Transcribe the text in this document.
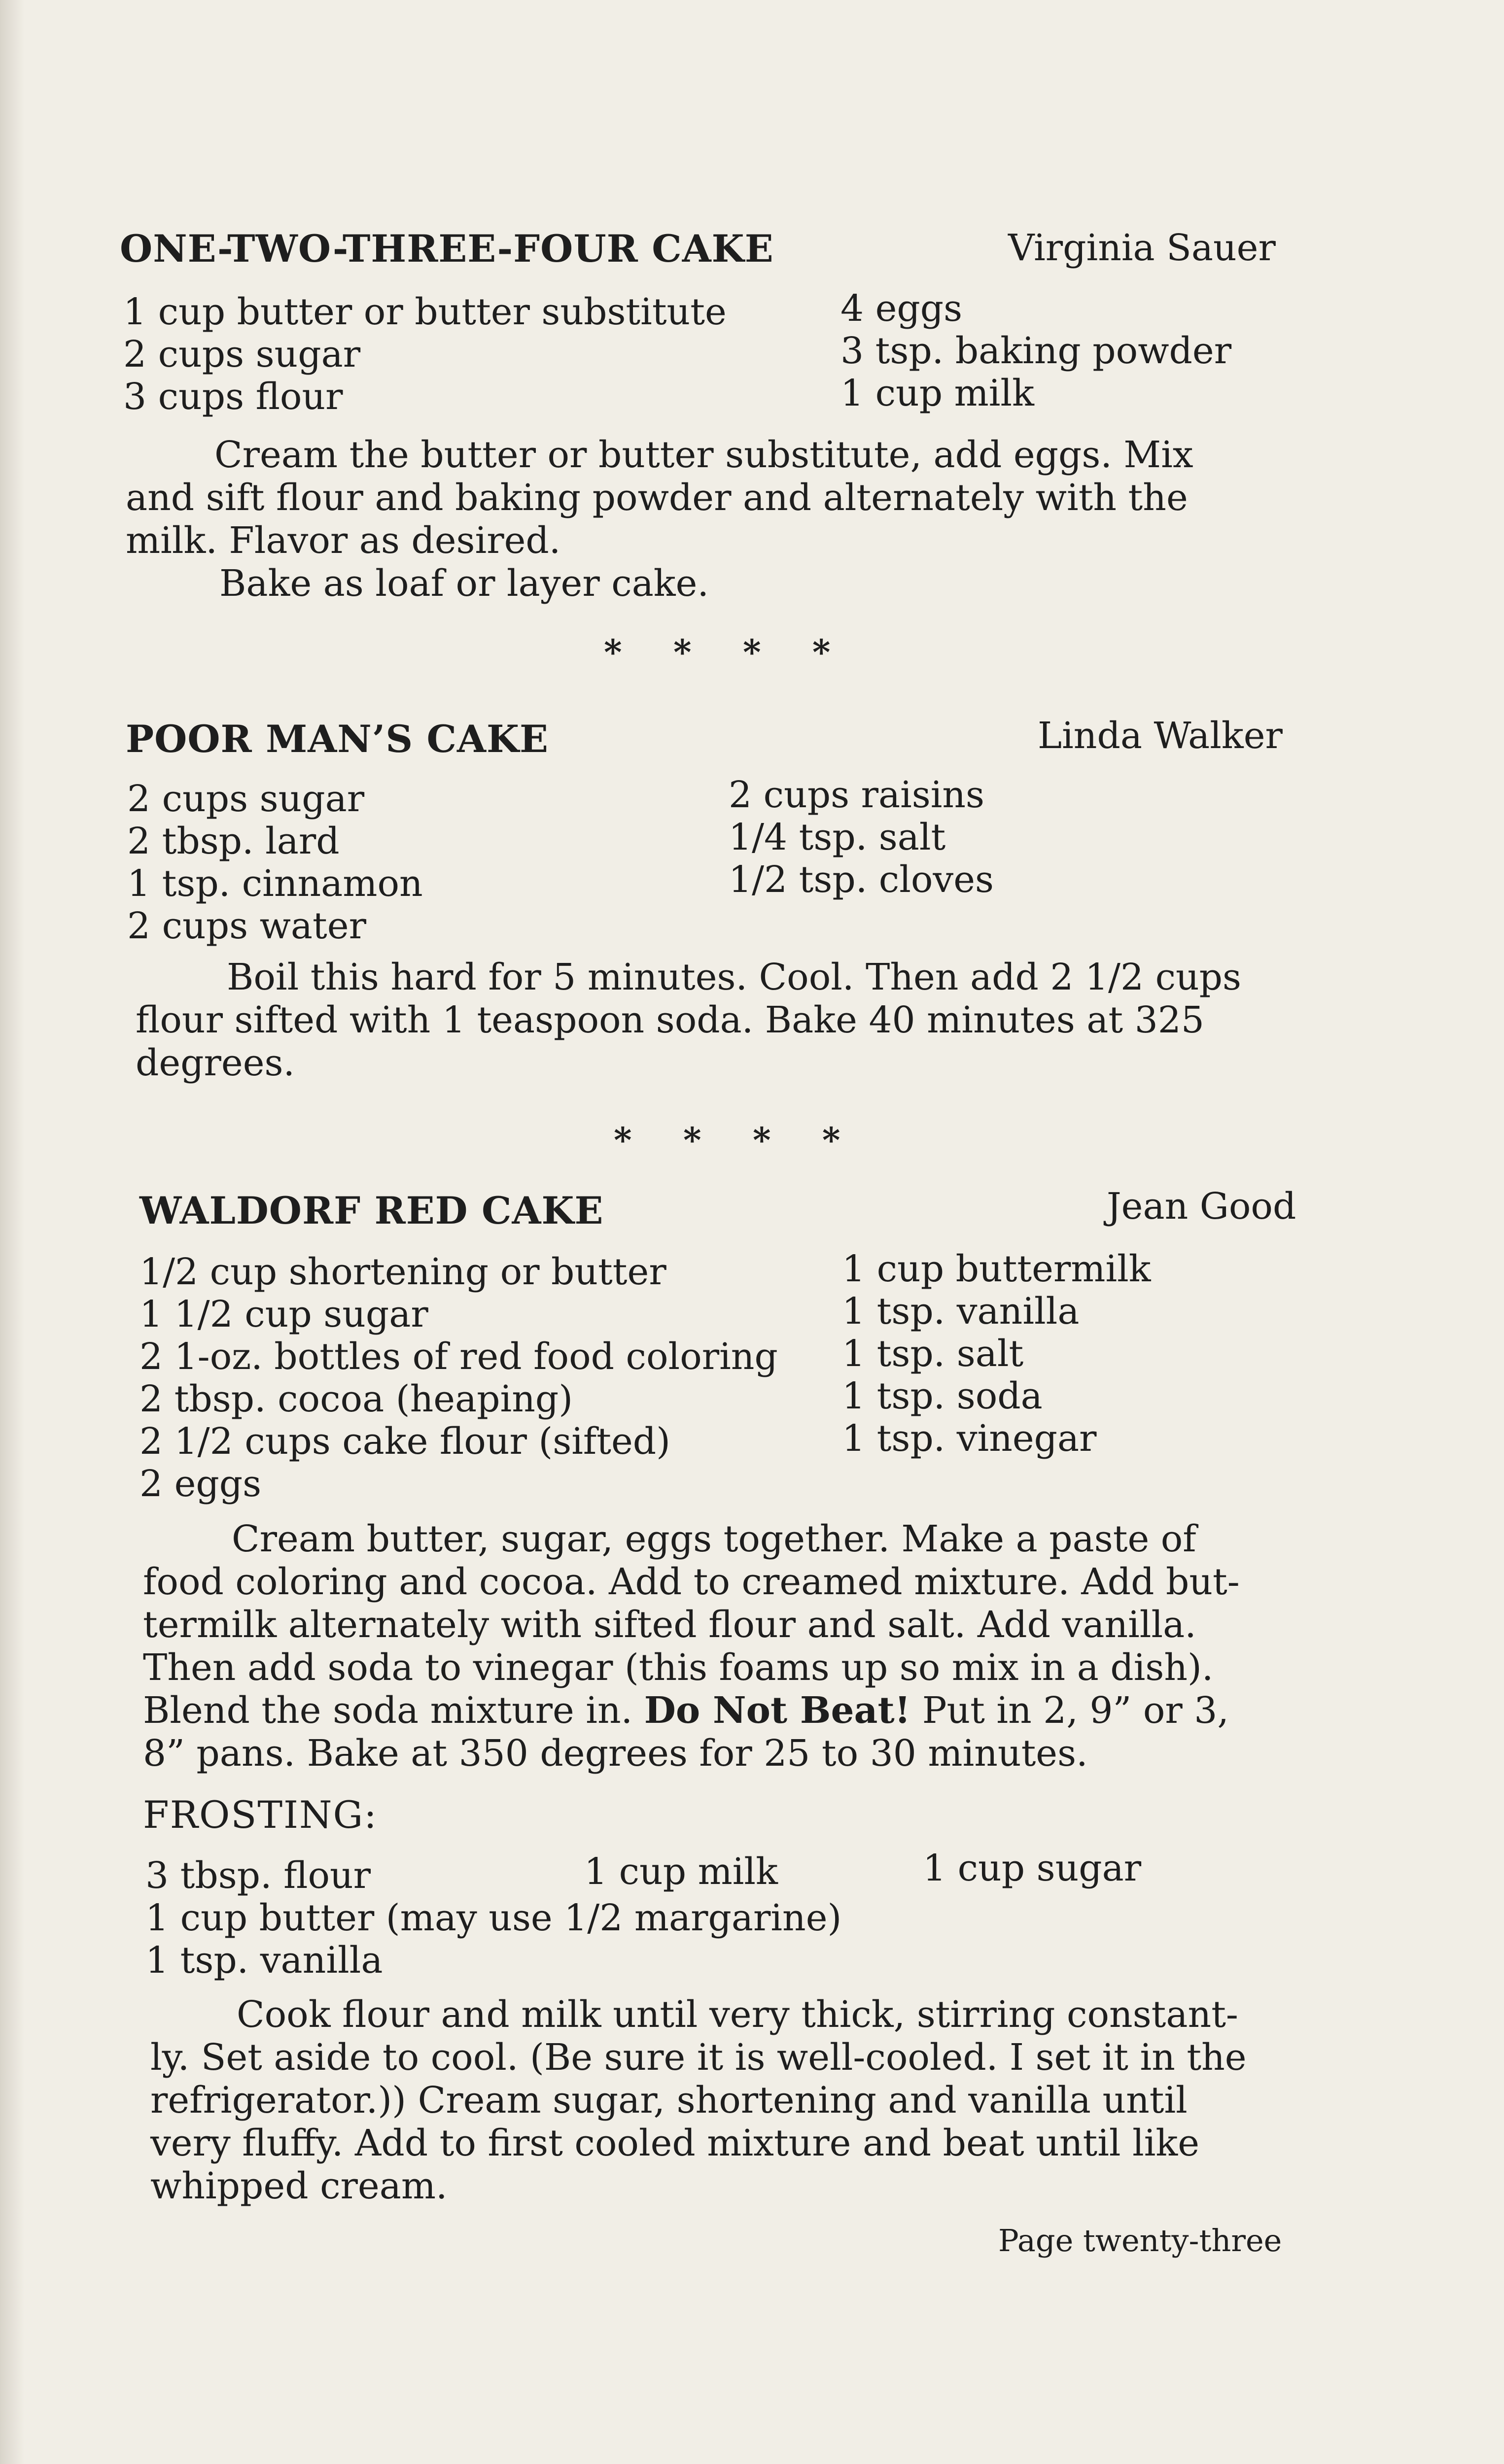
ONE-TWO-THREE-FOUR CAKE	Virginia Sauer
1 cup butter or butter substitute
2 cups sugar
3 cups flour
4 eggs
3 tsp. baking powder
1 cup milk
Cream the butter or butter substitute, add eggs. Mix
and sift flour and baking powder and alternately with the
milk. Flavor as desired.
Bake as loaf or layer cake.
* * * *
POOR MAN’S CAKE	Linda Walker
2 cups sugar
2 tbsp. lard
1 tsp. cinnamon
2 cups water
2 cups raisins
1/4 tsp. salt
1/2 tsp. cloves
Boil this hard for 5 minutes. Cool. Then add 2 1/2 cups
flour sifted with 1 teaspoon soda. Bake 40 minutes at 325
degrees.
* * * *
WALDORF RED CAKE	Jean Good
1/2 cup shortening or butter
1 1/2 cup sugar
2 1-oz. bottles of red food coloring
2 tbsp. cocoa (heaping)
2 1/2 cups cake flour (sifted)
2 eggs
1 cup buttermilk
1 tsp. vanilla
1 tsp. salt
1 tsp. soda
1 tsp. vinegar
Cream butter, sugar, eggs together. Make a paste of
food coloring and cocoa. Add to creamed mixture. Add but-
termilk alternately with sifted flour and salt. Add vanilla.
Then add soda to vinegar (this foams up so mix in a dish).
Blend the soda mixture in. Do Not Beat! Put in 2, 9” or 3,
8” pans. Bake at 350 degrees for 25 to 30 minutes.
FROSTING:
3 tbsp. flour	1 cup milk	1 cup sugar
1 cup butter (may use 1/2 margarine)
1 tsp. vanilla
Cook flour and milk until very thick, stirring constant-
ly. Set aside to cool. (Be sure it is well-cooled. I set it in the
refrigerator.)) Cream sugar, shortening and vanilla until
very fluffy. Add to first cooled mixture and beat until like
whipped cream.
Page twenty-three
